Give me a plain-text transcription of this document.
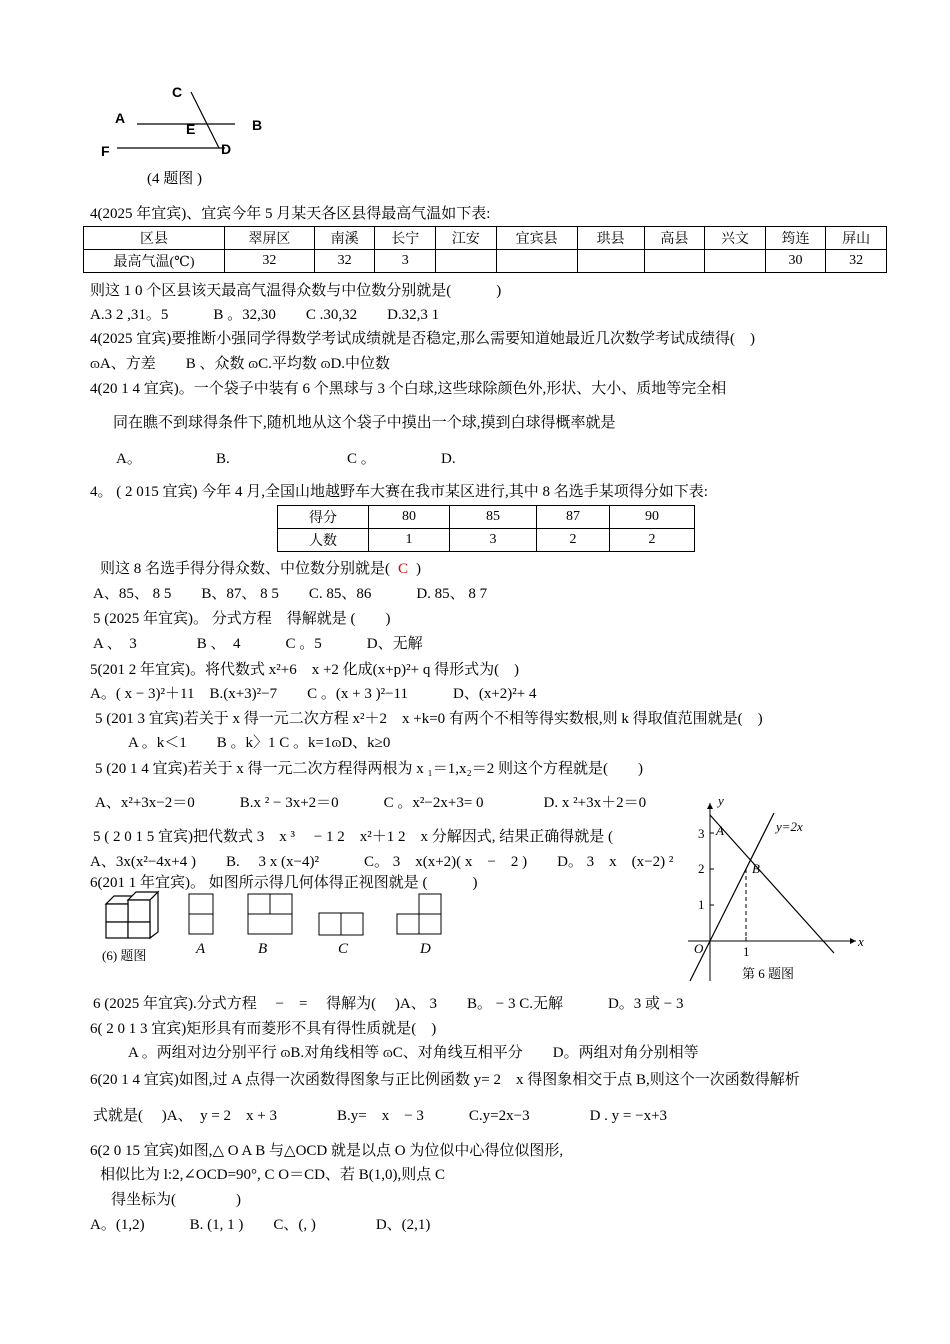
C
A
E	B
F	D
(4 题图 )
4(2025 年宜宾)、宜宾今年 5 月某天各区县得最高气温如下表:
区县	翠屏区	南溪	长宁	江安	宜宾县	珙县	高县	兴文	筠连	屏山
最高气温(℃)	32	32	3						30	32
则这 1 0 个区县该天最高气温得众数与中位数分别就是(　　　)
A.3 2 ,31。5　　　B 。32,30　　C .30,32　　D.32,3 1
4(2025 宜宾)要推断小强同学得数学考试成绩就是否稳定,那么需要知道她最近几次数学考试成绩得(　)
ɷA、方差　　B 、众数 ɷC.平均数 ɷD.中位数
4(20 1 4 宜宾)。一个袋子中装有 6 个黑球与 3 个白球,这些球除颜色外,形状、大小、质地等完全相
同在瞧不到球得条件下,随机地从这个袋子中摸出一个球,摸到白球得概率就是
A。	B.	C 。	D.
4。 ( 2 015 宜宾) 今年 4 月,全国山地越野车大赛在我市某区进行,其中 8 名选手某项得分如下表:
得分	80	85	87	90
人数	1	3	2	2
则这 8 名选手得分得众数、中位数分别就是( C )
A、85、 8 5　　B、87、 8 5　　C. 85、86　　　D. 85、 8 7
5 (2025 年宜宾)。 分式方程　得解就是 (　　)
A 、　3　　　　B 、　4　　　C 。5　　　D、无解
5(201 2 年宜宾)。将代数式 x²+6　x +2 化成(x+p)²+ q 得形式为(　)
A。( x − 3)²＋11　B.(x+3)²−7　　C 。(x + 3 )²−11　　　D、(x+2)²+ 4
5 (201 3 宜宾)若关于 x 得一元二次方程 x²＋2　x +k=0 有两个不相等得实数根,则 k 得取值范围就是(　)
A 。k＜1　　B 。k〉1 C 。k=1ɷD、k≥0
5 (20 1 4 宜宾)若关于 x 得一元二次方程得两根为 x ₁＝1,x₂＝2 则这个方程就是(　　)
A、x²+3x−2＝0　　　B.x ² − 3x+2＝0　　　C 。x²−2x+3= 0　　　　D. x ²+3x＋2＝0
5 ( 2 0 1 5 宜宾)把代数式 3　x ³　 − 1 2　x²＋1 2　x 分解因式, 结果正确得就是 (
A、3x(x²−4x+4 )　　B.　 3 x (x−4)²　　　C。 3　x(x+2)( x　−　2 )　　D。 3　x　(x−2) ²
6(201 1 年宜宾)。 如图所示得几何体得正视图就是 (　　　)
(6) 题图	A	B	C	D
y
y=2x
3 A
2	B
1
O	1
x
第 6 题图
6 (2025 年宜宾).分式方程　 −　=　 得解为(　 )A、 3　　B。 − 3 C.无解　　　D。3 或 − 3
6( 2 0 1 3 宜宾)矩形具有而菱形不具有得性质就是(　)
A 。两组对边分别平行 ɷB.对角线相等 ɷC、对角线互相平分　　D。两组对角分别相等
6(20 1 4 宜宾)如图,过 A 点得一次函数得图象与正比例函数 y= 2　x 得图象相交于点 B,则这个一次函数得解析
式就是(　 )A、　y = 2　x + 3　　　　B.y=　x　− 3　　　C.y=2x−3　　　　D . y = −x+3
6(2 0 15 宜宾)如图,△ O A B 与△OCD 就是以点 O 为位似中心得位似图形,
相似比为 l:2,∠OCD=90°, C O＝CD、若 B(1,0),则点 C
得坐标为(　　　　)
A。(1,2)　　　B. (1, 1 )　　C、(, )　　　　D、(2,1)
